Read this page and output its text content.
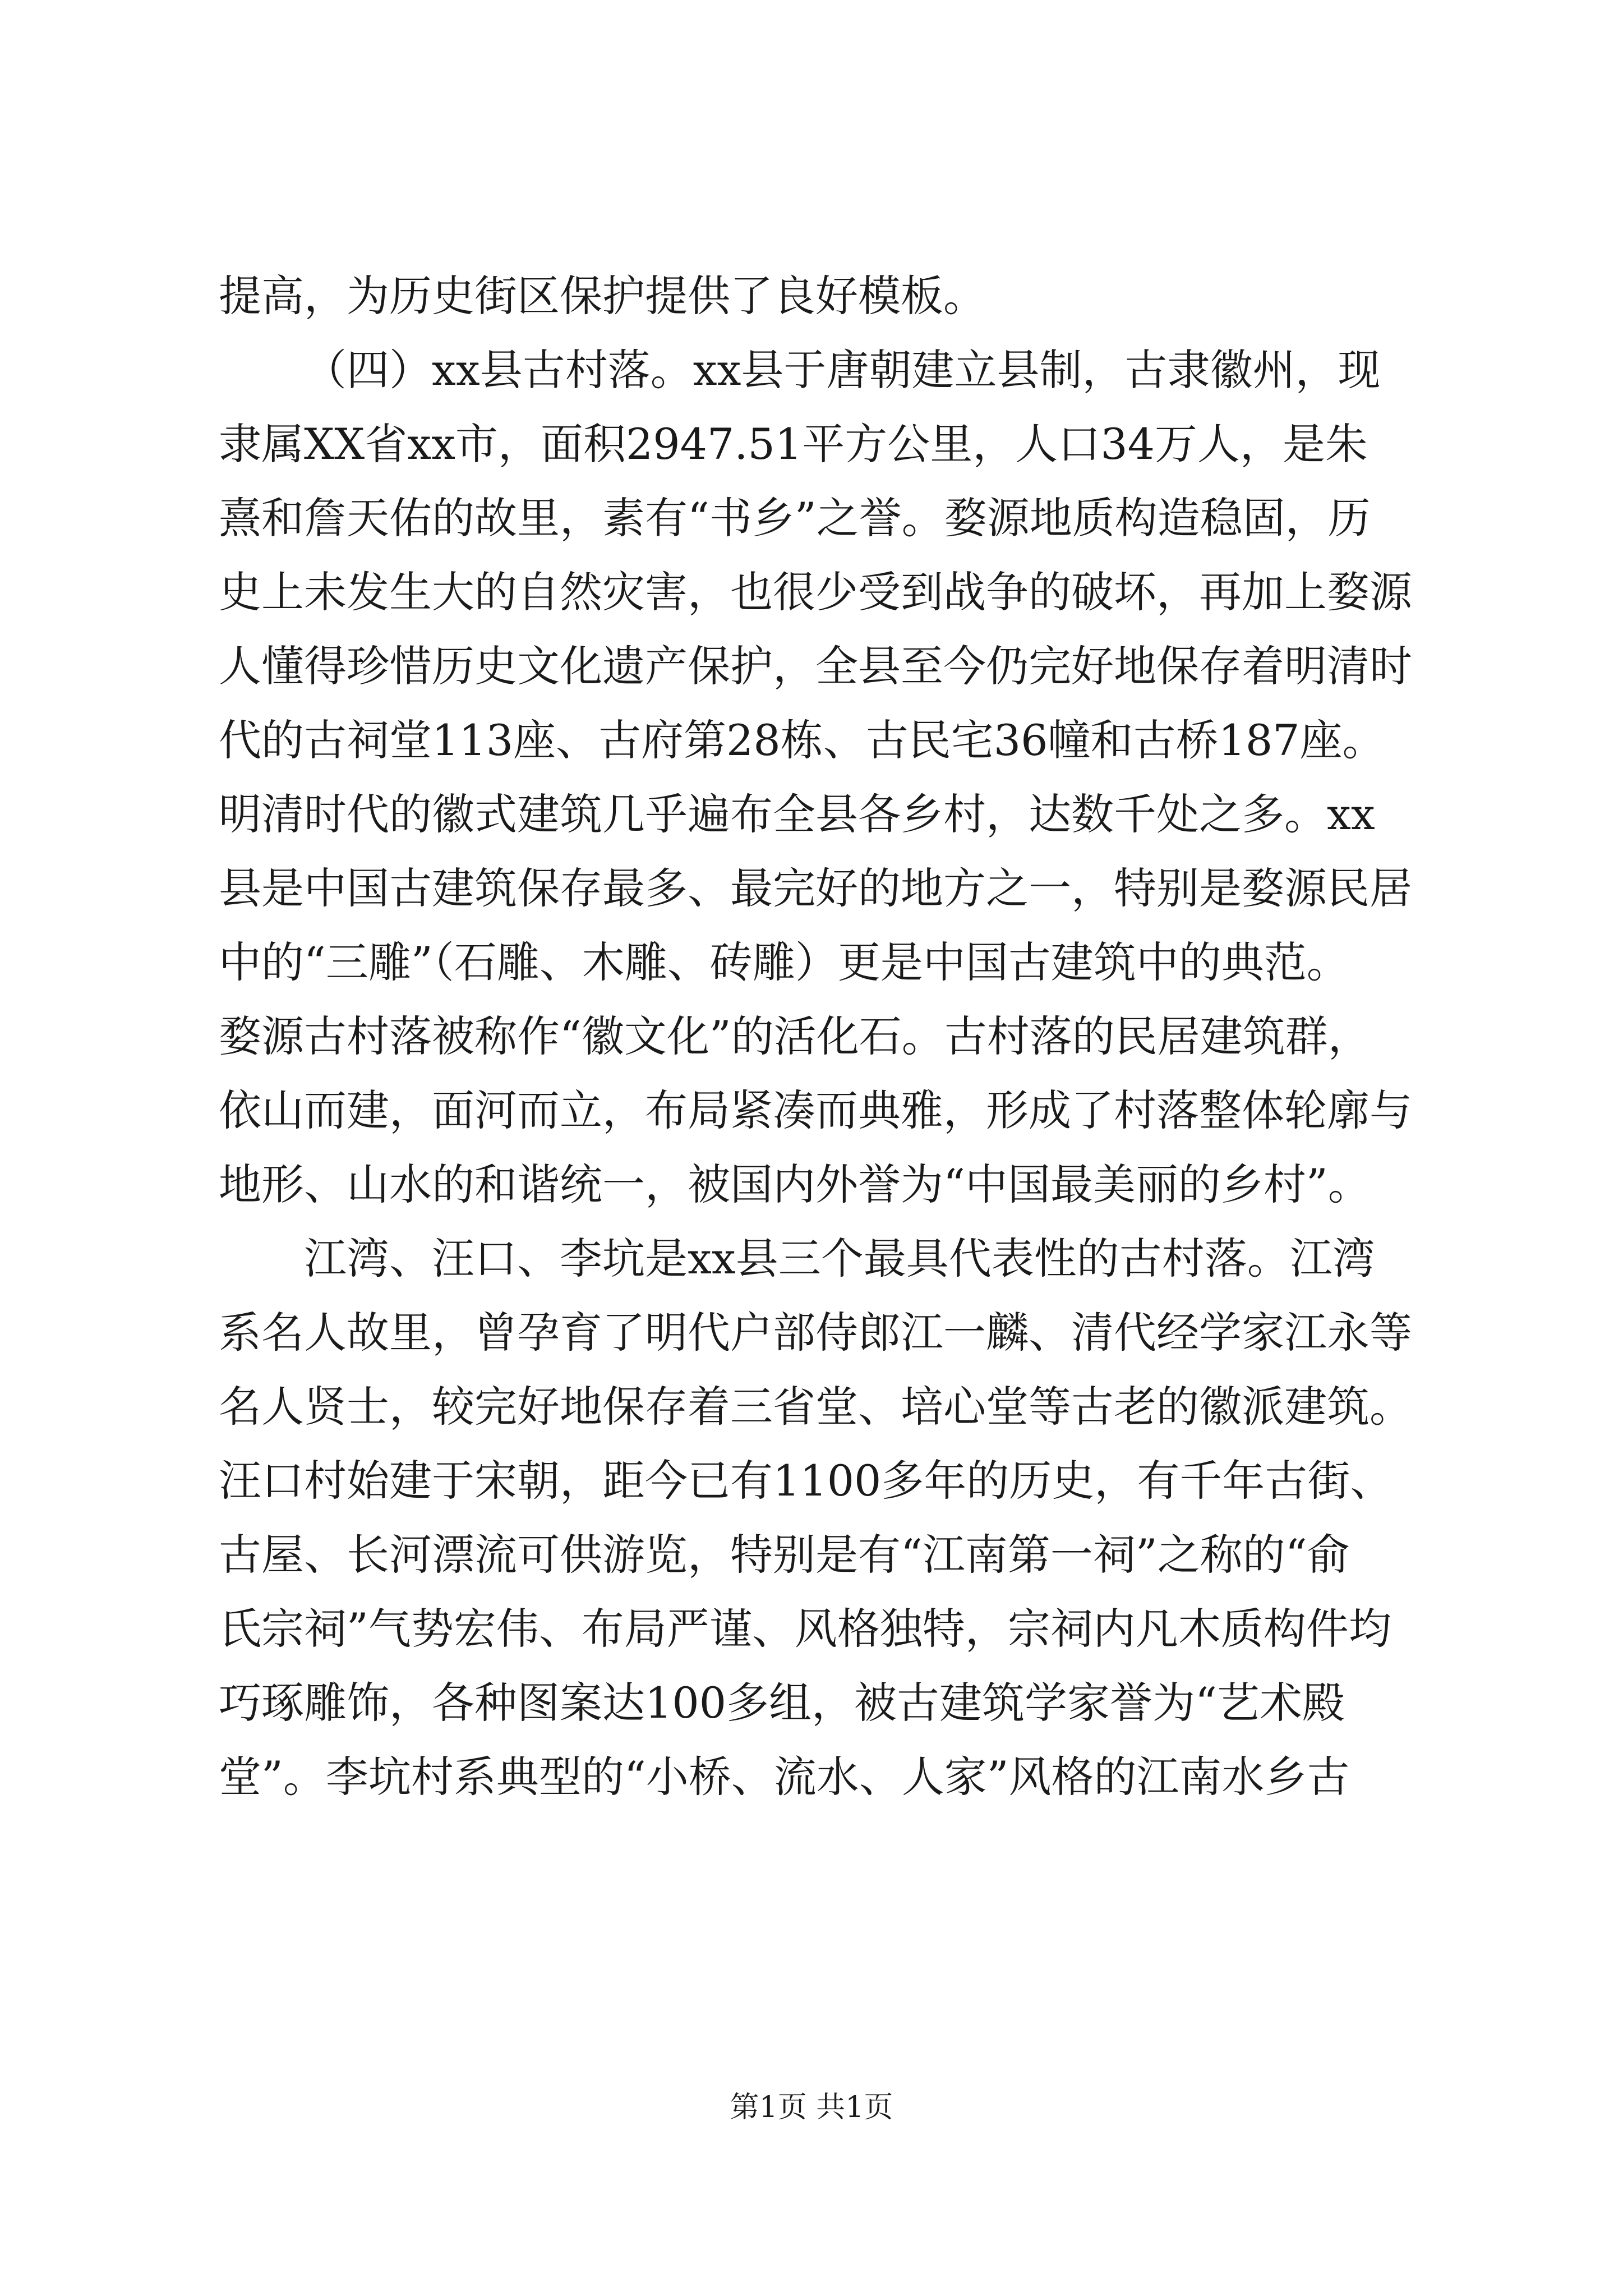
提高，为历史街区保护提供了良好模板。
（四）xx县古村落。xx县于唐朝建立县制，古隶徽州，现
隶属XX省xx市，面积2947.51平方公里，人口34万人，是朱
熹和詹天佑的故里，素有“书乡”之誉。婺源地质构造稳固，历
史上未发生大的自然灾害，也很少受到战争的破坏，再加上婺源
人懂得珍惜历史文化遗产保护，全县至今仍完好地保存着明清时
代的古祠堂113座、古府第28栋、古民宅36幢和古桥187座。
明清时代的徽式建筑几乎遍布全县各乡村，达数千处之多。xx
县是中国古建筑保存最多、最完好的地方之一，特别是婺源民居
中的“三雕”（石雕、木雕、砖雕）更是中国古建筑中的典范。
婺源古村落被称作“徽文化”的活化石。古村落的民居建筑群，
依山而建，面河而立，布局紧凑而典雅，形成了村落整体轮廓与
地形、山水的和谐统一，被国内外誉为“中国最美丽的乡村”。
江湾、汪口、李坑是xx县三个最具代表性的古村落。江湾
系名人故里，曾孕育了明代户部侍郎江一麟、清代经学家江永等
名人贤士，较完好地保存着三省堂、培心堂等古老的徽派建筑。
汪口村始建于宋朝，距今已有1100多年的历史，有千年古街、
古屋、长河漂流可供游览，特别是有“江南第一祠”之称的“俞
氏宗祠”气势宏伟、布局严谨、风格独特，宗祠内凡木质构件均
巧琢雕饰，各种图案达100多组，被古建筑学家誉为“艺术殿
堂”。李坑村系典型的“小桥、流水、人家”风格的江南水乡古
第1页 共1页
